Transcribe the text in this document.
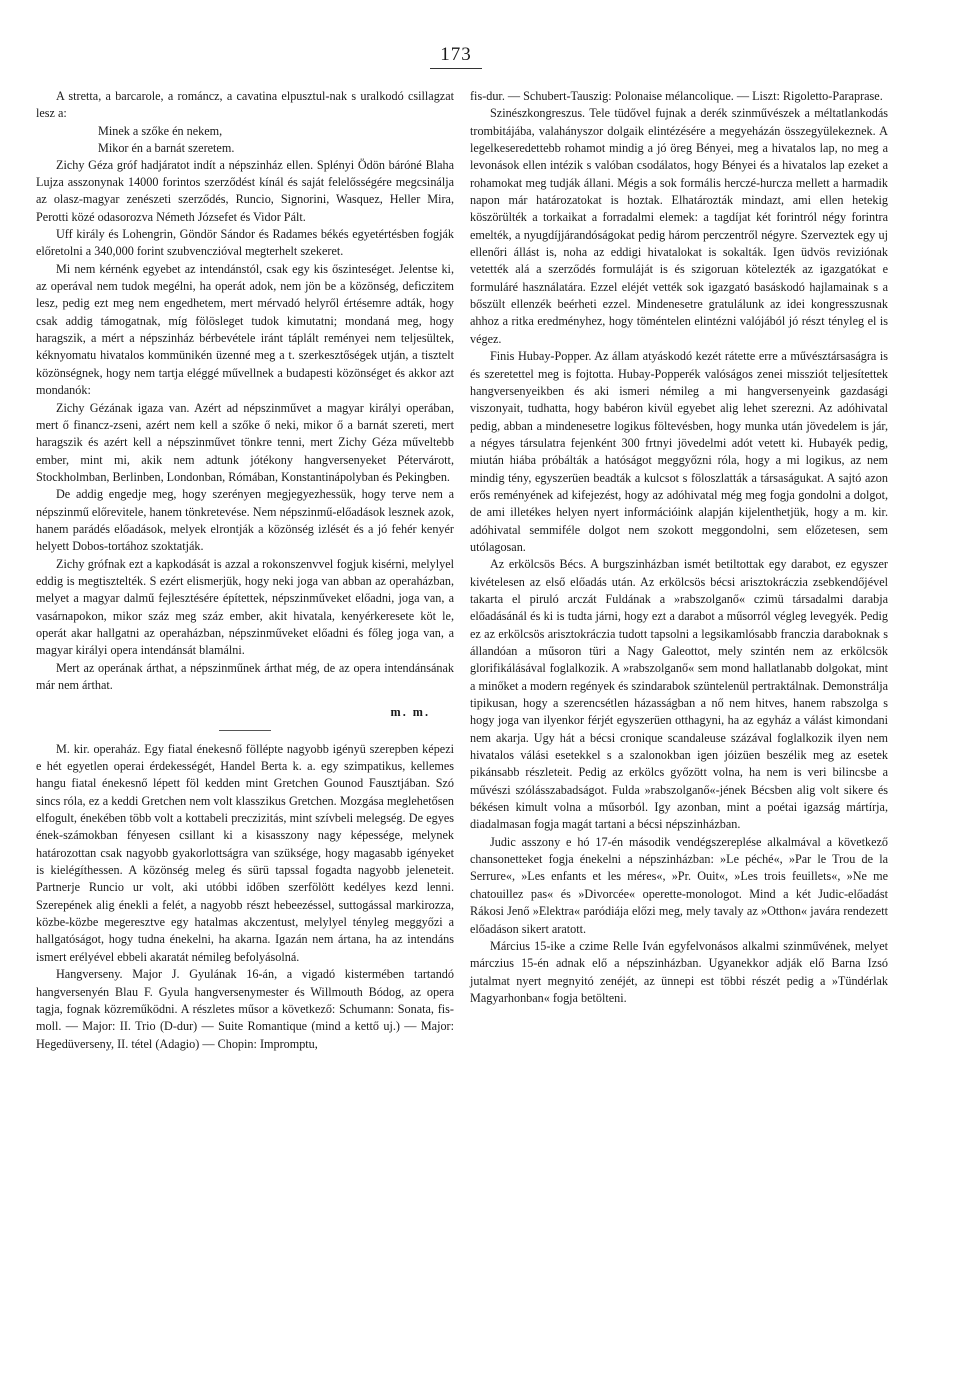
173

A stretta, a barcarole, a románcz, a cavatina elpusztul-nak s uralkodó csillagzat lesz a:

Minek a szőke én nekem,
Mikor én a barnát szeretem.

Zichy Géza gróf hadjáratot indít a népszinház ellen. Splényi Ödön báróné Blaha Lujza asszonynak 14000 forintos szerződést kínál és saját felelősségére megcsinálja az olasz-magyar zenészeti szerződés, Runcio, Signorini, Wasquez, Heller Mira, Perotti közé odasorozva Németh Józsefet és Vidor Pált.

Uff király és Lohengrin, Göndör Sándor és Radames békés egyetértésben fogják előretolni a 340,000 forint szubvenczióval megterhelt szekeret.

Mi nem kérnénk egyebet az intendánstól, csak egy kis őszinteséget. Jelentse ki, az operával nem tudok megélni, ha operát adok, nem jön be a közönség, deficzitem lesz, pedig ezt meg nem engedhetem, mert mérvadó helyről értésemre adták, hogy csak addig támogatnak, míg fölösleget tudok kimutatni; mondaná meg, hogy haragszik, a mért a népszinház bérbevétele iránt táplált reményei nem teljesültek, kéknyomatu hivatalos kommünikén üzenné meg a t. szerkesztőségek utján, a tisztelt közönségnek, hogy nem tartja eléggé művellnek a budapesti közönséget és akkor azt mondanók:

Zichy Gézának igaza van. Azért ad népszinművet a magyar királyi operában, mert ő financz-zseni, azért nem kell a szőke ő neki, mikor ő a barnát szereti, mert haragszik és azért kell a népszinművet tönkre tenni, mert Zichy Géza műveltebb ember, mint mi, akik nem adtunk jótékony hangversenyeket Pétervárott, Stockholmban, Berlinben, Londonban, Rómában, Konstantinápolyban és Pekingben.

De addig engedje meg, hogy szerényen megjegyezhessük, hogy terve nem a népszinmű előrevitele, hanem tönkretevése. Nem népszinmű-előadások lesznek azok, hanem parádés előadások, melyek elrontják a közönség izlését és a jó fehér kenyér helyett Dobos-tortához szoktatják.

Zichy grófnak ezt a kapkodását is azzal a rokonszenvvel fogjuk kisérni, melylyel eddig is megtisztelték. S ezért elismerjük, hogy neki joga van abban az operaházban, melyet a magyar dalmű fejlesztésére építettek, népszinműveket előadni, joga van, a vasárnapokon, mikor száz meg száz ember, akit hivatala, kenyérkeresete köt le, operát akar hallgatni az operaházban, népszinműveket előadni és főleg joga van, a magyar királyi opera intendánsát blamálni.

Mert az operának árthat, a népszinműnek árthat még, de az opera intendánsának már nem árthat.

m. m.

M. kir. operaház. Egy fiatal énekesnő föllépte nagyobb igényü szerepben képezi e hét egyetlen operai érdekességét, Handel Berta k. a. egy szimpatikus, kellemes hangu fiatal énekesnő lépett föl kedden mint Gretchen Gounod Fausztjában. Szó sincs róla, ez a keddi Gretchen nem volt klasszikus Gretchen. Mozgása meglehetősen elfogult, énekében több volt a kottabeli preczizitás, mint szívbeli melegség. De egyes ének-számokban fényesen csillant ki a kisasszony nagy képessége, melynek határozottan csak nagyobb gyakorlottságra van szüksége, hogy magasabb igényeket is kielégíthessen. A közönség meleg és sürü tapssal fogadta nagyobb jeleneteit. Partnerje Runcio ur volt, aki utóbbi időben szerfölött kedélyes kezd lenni. Szerepének alig énekli a felét, a nagyobb részt hebeezéssel, suttogással markirozza, közbe-közbe megeresztve egy hatalmas akczentust, melylyel tényleg meggyőzi a hallgatóságot, hogy tudna énekelni, ha akarna. Igazán nem ártana, ha az intendáns ismert erélyével ebbeli akaratát némileg befolyásolná.

Hangverseny. Major J. Gyulának 16-án, a vigadó kistermében tartandó hangversenyén Blau F. Gyula hangversenymester és Willmouth Bódog, az opera tagja, fognak közreműködni. A részletes műsor a következő: Schumann: Sonata, fis-moll. — Major: II. Trio (D-dur) — Suite Romantique (mind a kettő uj.) — Major: Hegedüverseny, II. tétel (Adagio) — Chopin: Impromptu,

fis-dur. — Schubert-Tauszig: Polonaise mélancolique. — Liszt: Rigoletto-Paraprase.

Szinészkongreszus. Tele tüdővel fujnak a derék szinművészek a méltatlankodás trombitájába, valahányszor dolgaik elintézésére a megyeházán összegyülekeznek. A legelkeseredettebb rohamot mindig a jó öreg Bényei, meg a hivatalos lap, no meg a levonások ellen intézik s valóban csodálatos, hogy Bényei és a hivatalos lap ezeket a rohamokat meg tudják állani. Mégis a sok formális herczé-hurcza mellett a harmadik napon már határozatokat is hoztak. Elhatározták mindazt, ami ellen hetekig köszörülték a torkaikat a forradalmi elemek: a tagdíjat két forintról négy forintra emelték, a nyugdíjjárandóságokat pedig három perczentről négyre. Szerveztek egy uj ellenőri állást is, noha az eddigi hivatalokat is sokalták. Igen üdvös reviziónak vetették alá a szerződés formuláját is és szigoruan kötelezték az igazgatókat e formuláré használatára. Ezzel eléjét vették sok igazgató basáskodó hajlamainak s a bőszült ellenzék beérheti ezzel. Mindenesetre gratulálunk az idei kongresszusnak ahhoz a ritka eredményhez, hogy töméntelen elintézni valójából jó részt tényleg el is végez.

Finis Hubay-Popper. Az állam atyáskodó kezét rátette erre a művésztársaságra is és szeretettel meg is fojtotta. Hubay-Popperék valóságos zenei missziót teljesítettek hangversenyeikben és aki ismeri némileg a mi hangversenyeink gazdasági viszonyait, tudhatta, hogy babéron kivül egyebet alig lehet szerezni. Az adóhivatal pedig, abban a mindenesetre logikus föltevésben, hogy munka után jövedelem is jár, a négyes társulatra fejenként 300 frtnyi jövedelmi adót vetett ki. Hubayék pedig, miután hiába próbálták a hatóságot meggyőzni róla, hogy a mi logikus, az nem mindig tény, egyszerüen beadták a kulcsot s föloszlatták a társaságukat. A sajtó azon erős reményének ad kifejezést, hogy az adóhivatal még meg fogja gondolni a dolgot, de ami illetékes helyen nyert információink alapján kijelenthetjük, hogy a m. kir. adóhivatal semmiféle dolgot nem szokott meggondolni, sem előzetesen, sem utólagosan.

Az erkölcsös Bécs. A burgszinházban ismét betiltottak egy darabot, ez egyszer kivételesen az első előadás után. Az erkölcsös bécsi arisztokráczia zsebkendőjével takarta el piruló arczát Fuldának a »rabszolganő« czimü társadalmi darabja előadásánál és ki is tudta járni, hogy ezt a darabot a műsorról végleg levegyék. Pedig ez az erkölcsös arisztokráczia tudott tapsolni a legsikamlósabb franczia daraboknak s állandóan a műsoron türi a Nagy Galeottot, mely szintén nem az erkölcsök glorifikálásával foglalkozik. A »rabszolganő« sem mond hallatlanabb dolgokat, mint a minőket a modern regények és szindarabok szüntelenül pertraktálnak. Demonstrálja tipikusan, hogy a szerencsétlen házasságban a nő nem hitves, hanem rabszolga s hogy joga van ilyenkor férjét egyszerüen otthagyni, ha az egyház a válást kimondani nem akarja. Ugy hát a bécsi cronique scandaleuse százával foglalkozik ilyen nem hivatalos válási esetekkel s a szalonokban igen jóizüen beszélik meg az esetek pikánsabb részleteit. Pedig az erkölcs győzött volna, ha nem is veri bilincsbe a művészi szólásszabadságot. Fulda »rabszolganő«-jének Bécsben alig volt sikere és békésen kimult volna a műsorból. Igy azonban, mint a poétai igazság mártírja, diadalmasan fogja magát tartani a bécsi népszinházban.

Judic asszony e hó 17-én második vendégszereplése alkalmával a következő chansonetteket fogja énekelni a népszinházban: »Le péché«, »Par le Trou de la Serrure«, »Les enfants et les méres«, »Pr. Ouit«, »Les trois feuillets«, »Ne me chatouillez pas« és »Divorcée« operette-monologot. Mind a két Judic-előadást Rákosi Jenő »Elektra« paródiája előzi meg, mely tavaly az »Otthon« javára rendezett előadáson sikert aratott.

Március 15-ike a czime Relle Iván egyfelvonásos alkalmi szinművének, melyet márczius 15-én adnak elő a népszinházban. Ugyanekkor adják elő Barna Izsó jutalmat nyert megnyitó zenéjét, az ünnepi est többi részét pedig a »Tündérlak Magyarhonban« fogja betölteni.
